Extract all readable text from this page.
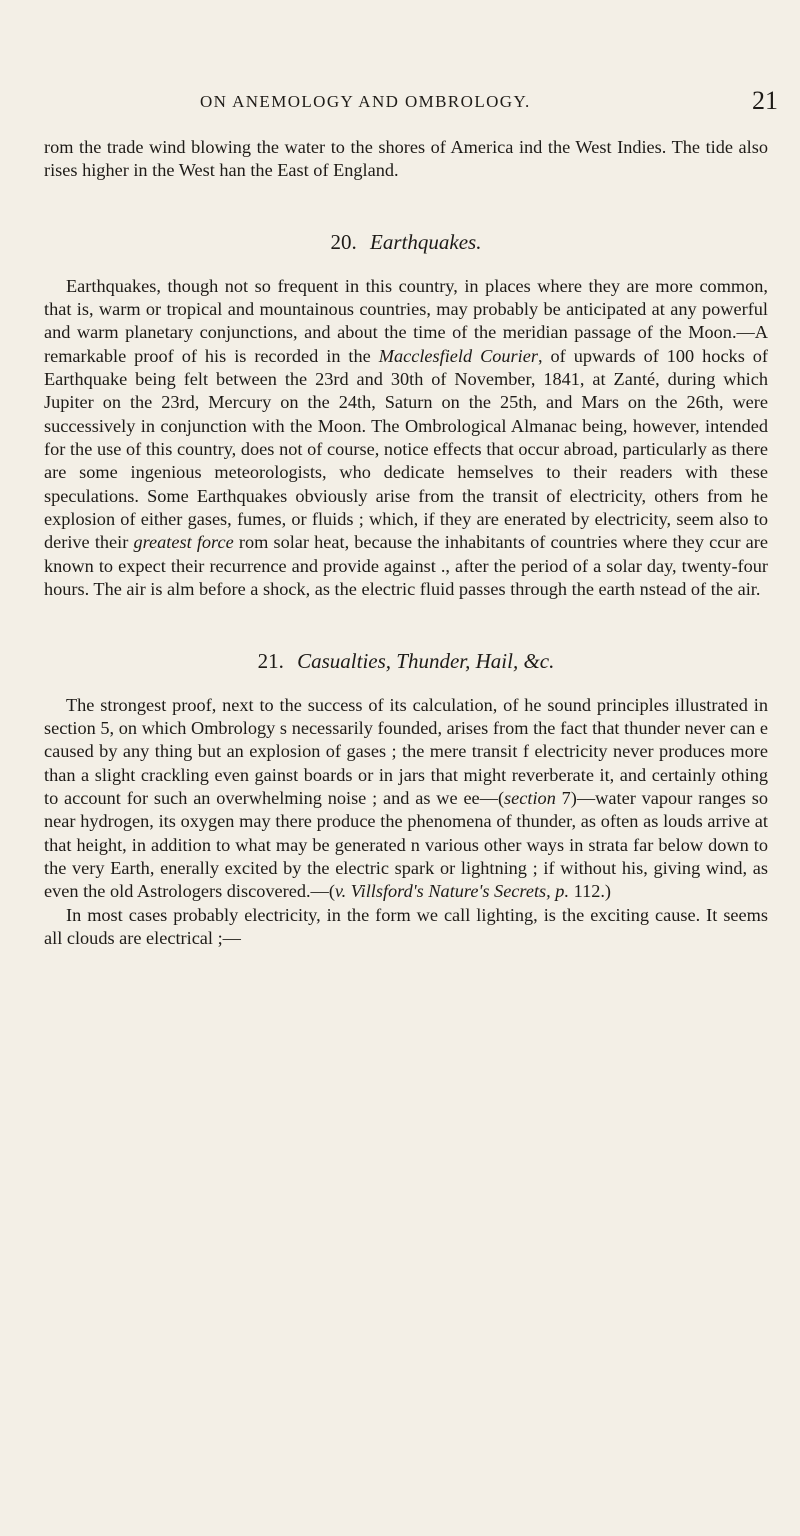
ON ANEMOLOGY AND OMBROLOGY.	21

rom the trade wind blowing the water to the shores of America ind the West Indies. The tide also rises higher in the West han the East of England.

20. Earthquakes.

Earthquakes, though not so frequent in this country, in places where they are more common, that is, warm or tropical and mountainous countries, may probably be anticipated at any powerful and warm planetary conjunctions, and about the time of the meridian passage of the Moon.—A remarkable proof of his is recorded in the Macclesfield Courier, of upwards of 100 hocks of Earthquake being felt between the 23rd and 30th of November, 1841, at Zanté, during which Jupiter on the 23rd, Mercury on the 24th, Saturn on the 25th, and Mars on the 26th, were successively in conjunction with the Moon. The Ombrological Almanac being, however, intended for the use of this country, does not of course, notice effects that occur abroad, particularly as there are some ingenious meteorologists, who dedicate hemselves to their readers with these speculations. Some Earthquakes obviously arise from the transit of electricity, others from he explosion of either gases, fumes, or fluids ; which, if they are enerated by electricity, seem also to derive their greatest force rom solar heat, because the inhabitants of countries where they ccur are known to expect their recurrence and provide against ., after the period of a solar day, twenty-four hours. The air is alm before a shock, as the electric fluid passes through the earth nstead of the air.

21. Casualties, Thunder, Hail, &c.

The strongest proof, next to the success of its calculation, of he sound principles illustrated in section 5, on which Ombrology s necessarily founded, arises from the fact that thunder never can e caused by any thing but an explosion of gases ; the mere transit f electricity never produces more than a slight crackling even gainst boards or in jars that might reverberate it, and certainly othing to account for such an overwhelming noise ; and as we ee—(section 7)—water vapour ranges so near hydrogen, its oxygen may there produce the phenomena of thunder, as often as louds arrive at that height, in addition to what may be generated n various other ways in strata far below down to the very Earth, enerally excited by the electric spark or lightning ; if without his, giving wind, as even the old Astrologers discovered.—(v. Villsford's Nature's Secrets, p. 112.)

In most cases probably electricity, in the form we call lighting, is the exciting cause. It seems all clouds are electrical ;—
